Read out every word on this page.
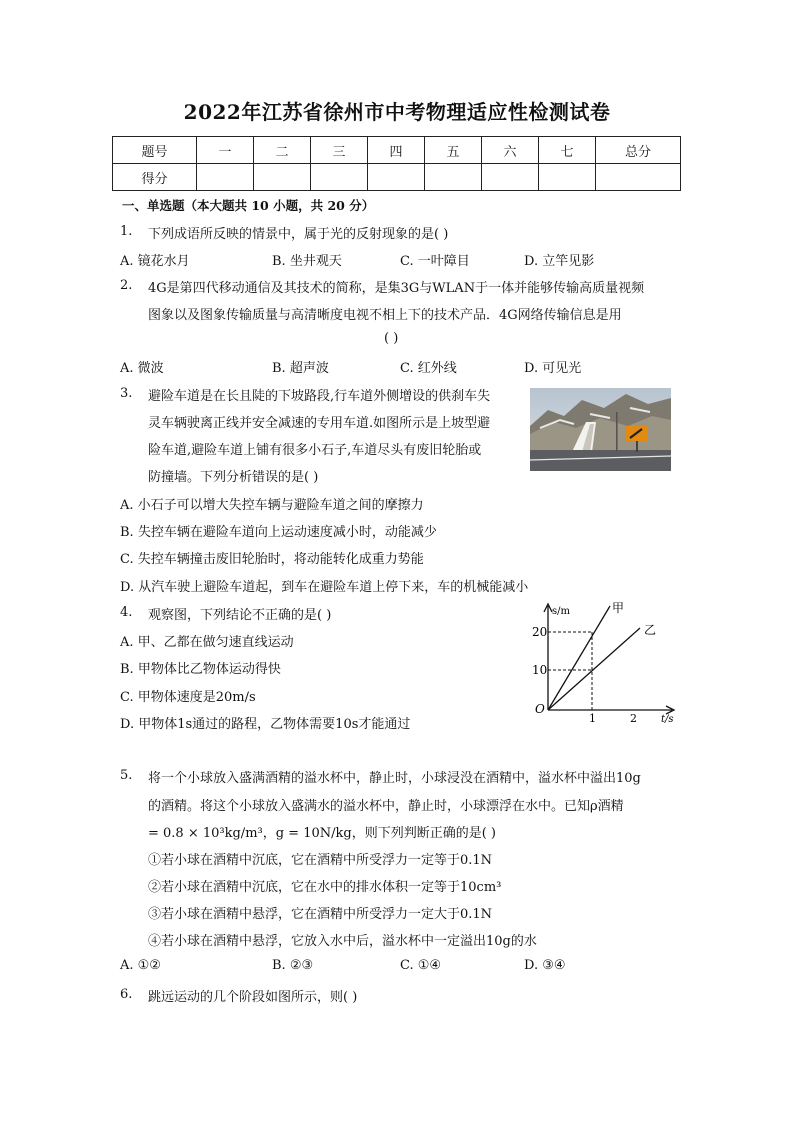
2022年江苏省徐州市中考物理适应性检测试卷
题号	一	二	三	四	五	六	七	总分
得分								
一、单选题（本大题共 10 小题，共 20 分）
1. 下列成语所反映的情景中，属于光的反射现象的是( )
A. 镜花水月	B. 坐井观天	C. 一叶障目	D. 立竿见影
2. 4G是第四代移动通信及其技术的简称，是集3G与WLAN于一体并能够传输高质量视频
图象以及图象传输质量与高清晰度电视不相上下的技术产品．4G网络传输信息是用
( )
A. 微波	B. 超声波	C. 红外线	D. 可见光
3. 避险车道是在长且陡的下坡路段,行车道外侧增设的供刹车失
灵车辆驶离正线并安全减速的专用车道.如图所示是上坡型避
险车道,避险车道上铺有很多小石子,车道尽头有废旧轮胎或
防撞墙。下列分析错误的是( )
A. 小石子可以增大失控车辆与避险车道之间的摩擦力
B. 失控车辆在避险车道向上运动速度减小时，动能减少
C. 失控车辆撞击废旧轮胎时，将动能转化成重力势能
D. 从汽车驶上避险车道起，到车在避险车道上停下来，车的机械能减小
4. 观察图，下列结论不正确的是( )
A. 甲、乙都在做匀速直线运动
B. 甲物体比乙物体运动得快
C. 甲物体速度是20m/s
D. 甲物体1s通过的路程，乙物体需要10s才能通过
s/m
t/s
O
20
10
1	2
甲
乙
5. 将一个小球放入盛满酒精的溢水杯中，静止时，小球浸没在酒精中，溢水杯中溢出10g
的酒精。将这个小球放入盛满水的溢水杯中，静止时，小球漂浮在水中。已知ρ酒精
= 0.8 × 10³kg/m³，g = 10N/kg，则下列判断正确的是( )
①若小球在酒精中沉底，它在酒精中所受浮力一定等于0.1N
②若小球在酒精中沉底，它在水中的排水体积一定等于10cm³
③若小球在酒精中悬浮，它在酒精中所受浮力一定大于0.1N
④若小球在酒精中悬浮，它放入水中后，溢水杯中一定溢出10g的水
A. ①②	B. ②③	C. ①④	D. ③④
6. 跳远运动的几个阶段如图所示，则( )
